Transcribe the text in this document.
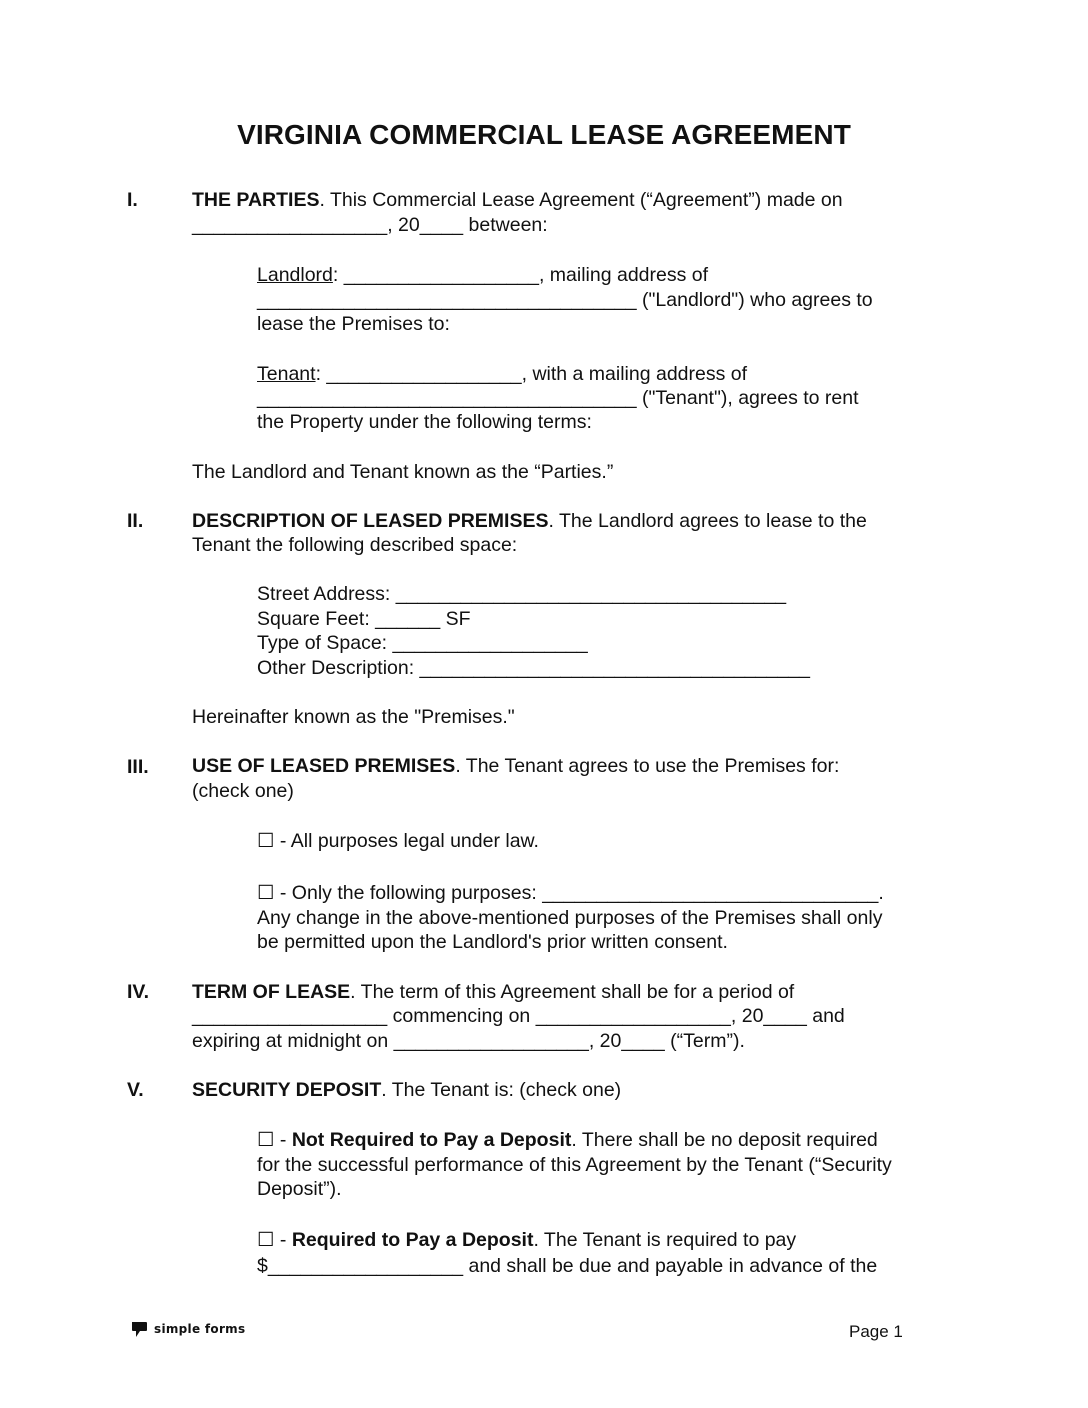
VIRGINIA COMMERCIAL LEASE AGREEMENT
I.	THE PARTIES. This Commercial Lease Agreement (“Agreement”) made on
__________________, 20____ between:
Landlord: __________________, mailing address of
___________________________________ ("Landlord") who agrees to
lease the Premises to:
Tenant: __________________, with a mailing address of
___________________________________ ("Tenant"), agrees to rent
the Property under the following terms:
The Landlord and Tenant known as the “Parties.”
II. DESCRIPTION OF LEASED PREMISES. The Landlord agrees to lease to the
Tenant the following described space:
Street Address: ____________________________________
Square Feet: ______ SF
Type of Space: __________________
Other Description: ____________________________________
Hereinafter known as the "Premises."
III. USE OF LEASED PREMISES. The Tenant agrees to use the Premises for:
(check one)
☐ - All purposes legal under law.
☐ - Only the following purposes: _______________________________.
Any change in the above-mentioned purposes of the Premises shall only
be permitted upon the Landlord's prior written consent.
IV. TERM OF LEASE. The term of this Agreement shall be for a period of
__________________ commencing on __________________, 20____ and
expiring at midnight on __________________, 20____ (“Term”).
V. SECURITY DEPOSIT. The Tenant is: (check one)
☐ - Not Required to Pay a Deposit. There shall be no deposit required
for the successful performance of this Agreement by the Tenant (“Security
Deposit”).
☐ - Required to Pay a Deposit. The Tenant is required to pay
$__________________ and shall be due and payable in advance of the
simple forms	Page 1
